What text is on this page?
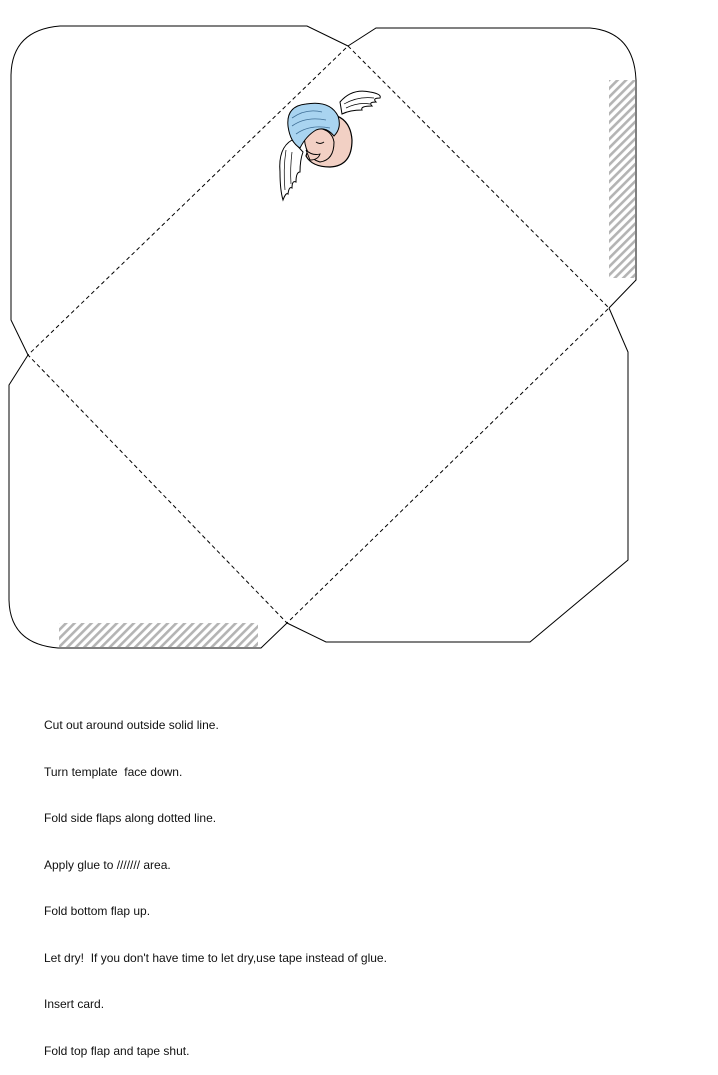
Cut out around outside solid line.

Turn template  face down.

Fold side flaps along dotted line.

Apply glue to /////// area.

Fold bottom flap up.

Let dry!  If you don't have time to let dry,use tape instead of glue.

Insert card.

Fold top flap and tape shut.
